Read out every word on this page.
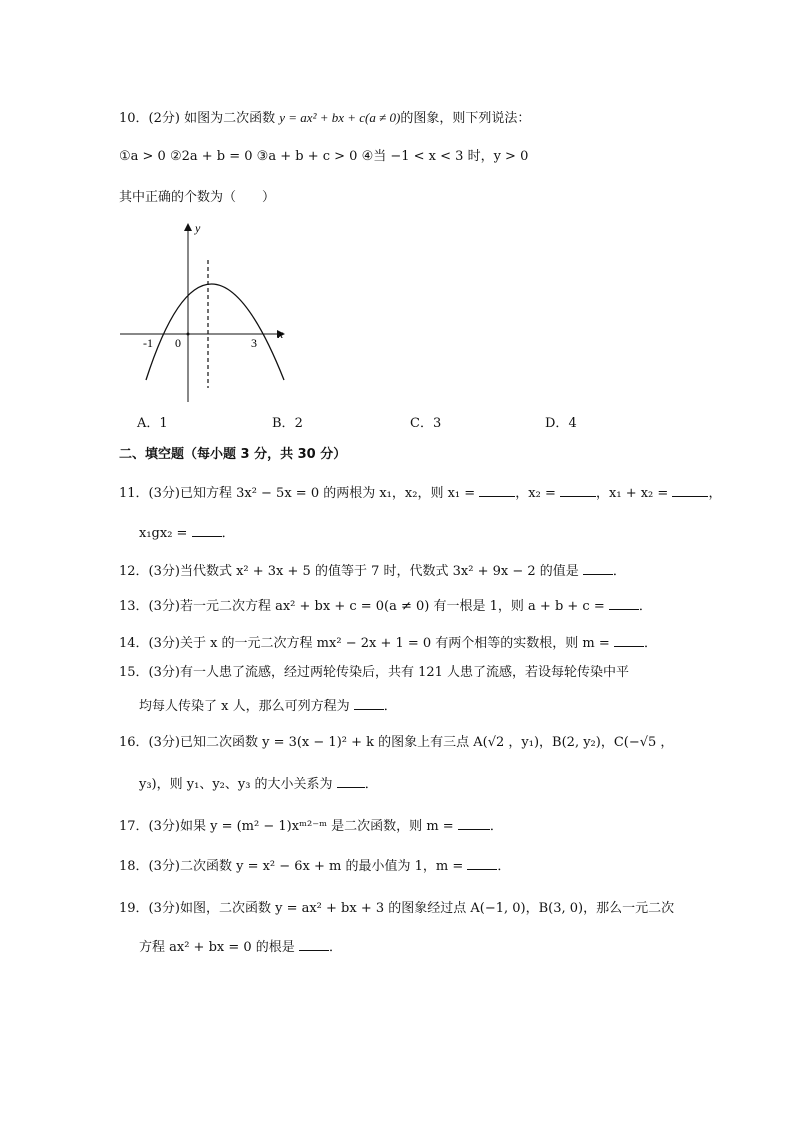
10．(2分) 如图为二次函数 y = ax² + bx + c(a ≠ 0)的图象，则下列说法：
①a > 0 ②2a + b = 0 ③a + b + c > 0 ④当 −1 < x < 3 时，y > 0
其中正确的个数为（　　）
y
x
-1 0	3
A．1	B．2	C．3	D．4
二、填空题（每小题 3 分，共 30 分）
11．(3分)已知方程 3x² − 5x = 0 的两根为 x₁，x₂，则 x₁ =	，x₂ =	，x₁ + x₂ =	，
x₁gx₂ =	．
12．(3分)当代数式 x² + 3x + 5 的值等于 7 时，代数式 3x² + 9x − 2 的值是	．
13．(3分)若一元二次方程 ax² + bx + c = 0(a ≠ 0) 有一根是 1，则 a + b + c =	．
14．(3分)关于 x 的一元二次方程 mx² − 2x + 1 = 0 有两个相等的实数根，则 m =	．
15．(3分)有一人患了流感，经过两轮传染后，共有 121 人患了流感，若设每轮传染中平
均每人传染了 x 人，那么可列方程为	．
16．(3分)已知二次函数 y = 3(x − 1)² + k 的图象上有三点 A(√2 ，y₁)，B(2, y₂)，C(−√5 ，
y₃)，则 y₁、y₂、y₃ 的大小关系为 ．
17．(3分)如果 y = (m² − 1)xᵐ²⁻ᵐ 是二次函数，则 m =	．
18．(3分)二次函数 y = x² − 6x + m 的最小值为 1，m =	．
19．(3分)如图，二次函数 y = ax² + bx + 3 的图象经过点 A(−1, 0)，B(3, 0)，那么一元二次
方程 ax² + bx = 0 的根是	．
